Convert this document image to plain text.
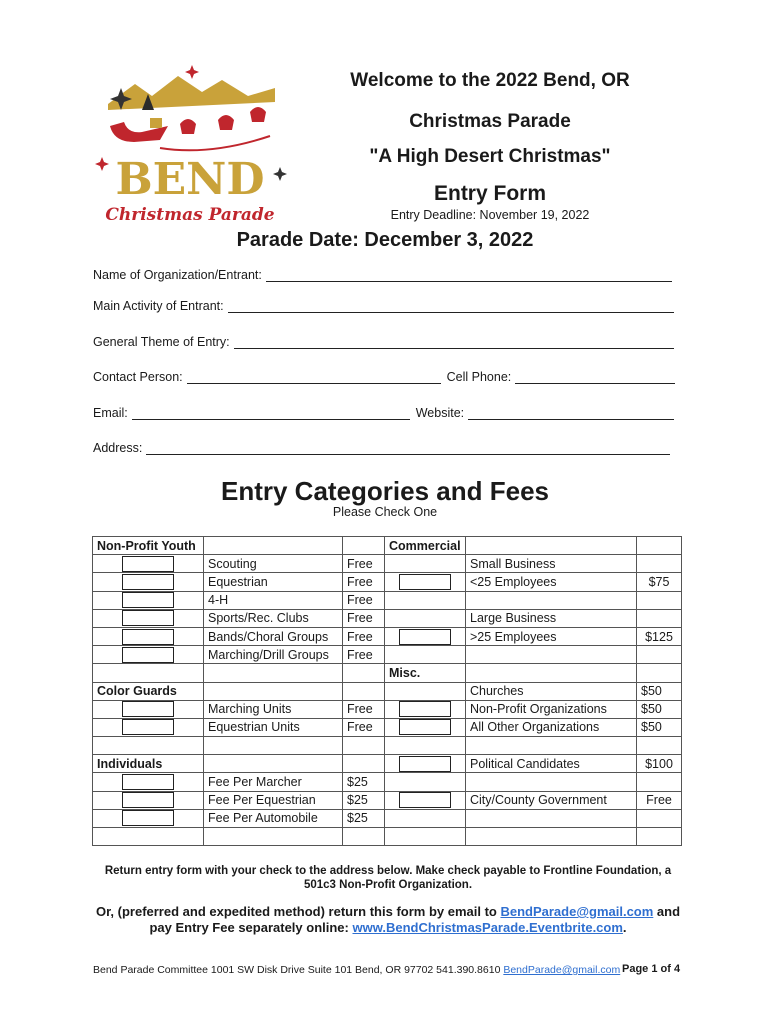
BEND
Christmas Parade
Welcome to the 2022 Bend, OR
Christmas Parade
"A High Desert Christmas"
Entry Form
Entry Deadline: November 19, 2022
Parade Date: December 3, 2022
Name of Organization/Entrant:
Main Activity of Entrant:
General Theme of Entry:
Contact Person:	Cell Phone:
Email:	Website:
Address:
Entry Categories and Fees
Please Check One
Non-Profit Youth			Commercial		
	Scouting	Free		Small Business	
	Equestrian	Free		<25 Employees	$75
	4-H	Free			
	Sports/Rec. Clubs	Free		Large Business	
	Bands/Choral Groups	Free		>25 Employees	$125
	Marching/Drill Groups	Free			
			Misc.		
Color Guards				Churches	$50
	Marching Units	Free		Non-Profit Organizations	$50
	Equestrian Units	Free		All Other Organizations	$50

Individuals				Political Candidates	$100
	Fee Per Marcher	$25			
	Fee Per Equestrian	$25		City/County Government	Free
	Fee Per Automobile	$25			

Return entry form with your check to the address below. Make check payable to Frontline Foundation, a 501c3 Non-Profit Organization.
Or, (preferred and expedited method) return this form by email to BendParade@gmail.com and pay Entry Fee separately online: www.BendChristmasParade.Eventbrite.com.
Bend Parade Committee 1001 SW Disk Drive Suite 101 Bend, OR 97702 541.390.8610 BendParade@gmail.com Page 1 of 4
